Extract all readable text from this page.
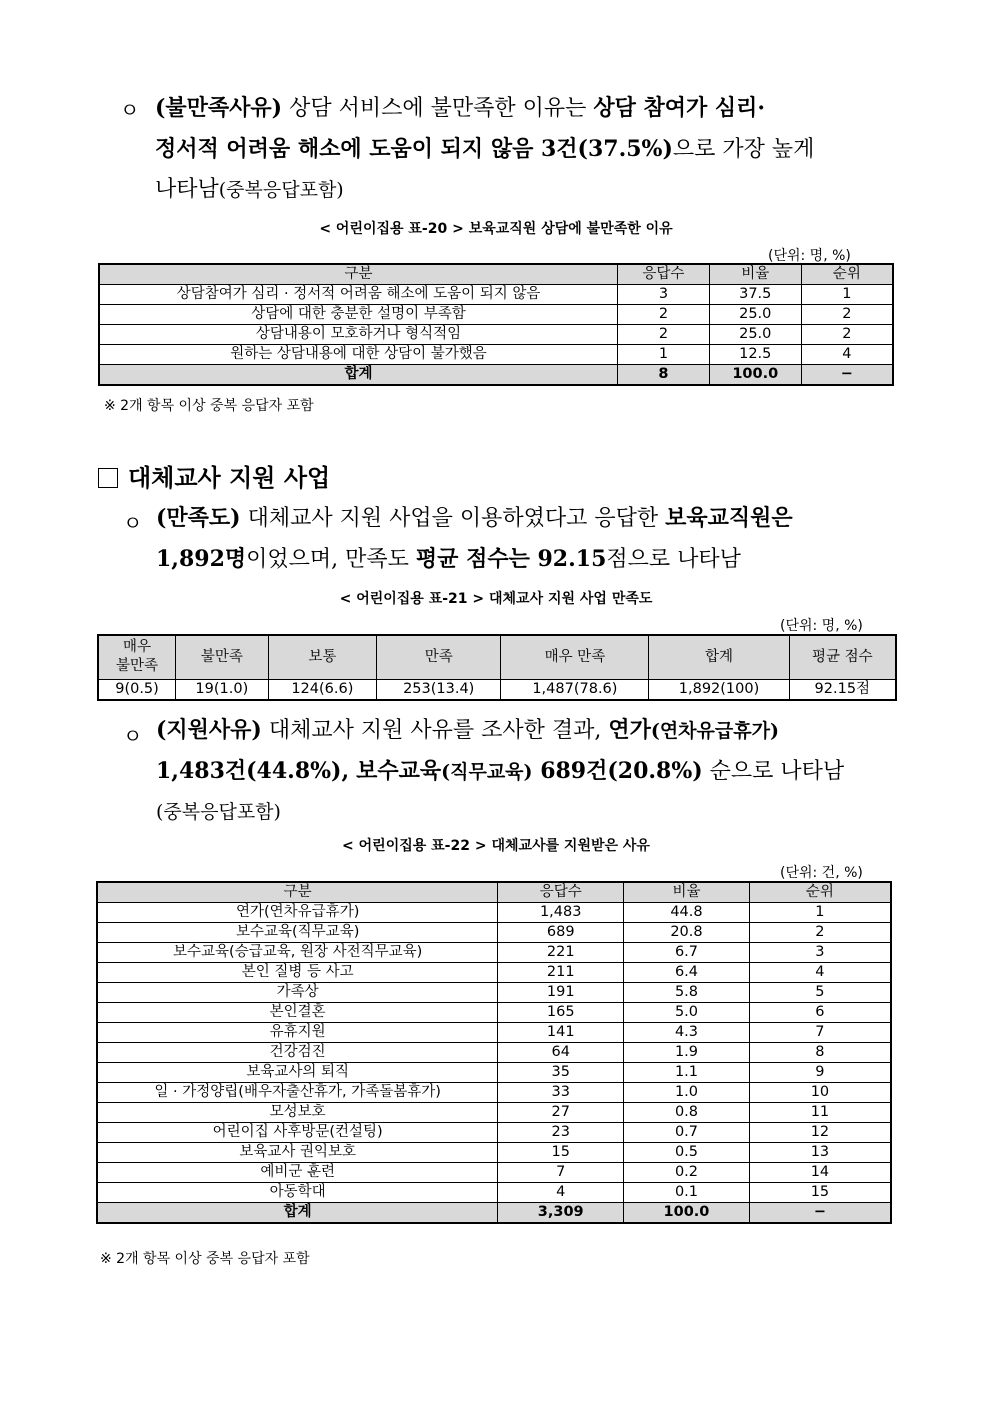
ㅇ (불만족사유) 상담 서비스에 불만족한 이유는 상담 참여가 심리·
정서적 어려움 해소에 도움이 되지 않음 3건(37.5%)으로 가장 높게
나타남(중복응답포함)
< 어린이집용 표-20 > 보육교직원 상담에 불만족한 이유
(단위: 명, %)
구분	응답수	비율	순위
상담참여가 심리 · 정서적 어려움 해소에 도움이 되지 않음	3	37.5	1
상담에 대한 충분한 설명이 부족함	2	25.0	2
상담내용이 모호하거나 형식적임	2	25.0	2
원하는 상담내용에 대한 상담이 불가했음	1	12.5	4
합계	8	100.0	−
※ 2개 항목 이상 중복 응답자 포함
대체교사 지원 사업
ㅇ (만족도) 대체교사 지원 사업을 이용하였다고 응답한 보육교직원은
1,892명이었으며, 만족도 평균 점수는 92.15점으로 나타남
< 어린이집용 표-21 > 대체교사 지원 사업 만족도
(단위: 명, %)
매우
불만족	불만족	보통	만족	매우 만족	합계	평균 점수
9(0.5)	19(1.0)	124(6.6)	253(13.4)	1,487(78.6)	1,892(100)	92.15점
ㅇ (지원사유) 대체교사 지원 사유를 조사한 결과, 연가(연차유급휴가)
1,483건(44.8%), 보수교육(직무교육) 689건(20.8%) 순으로 나타남
(중복응답포함)
< 어린이집용 표-22 > 대체교사를 지원받은 사유
(단위: 건, %)
구분	응답수	비율	순위
연가(연차유급휴가)	1,483	44.8	1
보수교육(직무교육)	689	20.8	2
보수교육(승급교육, 원장 사전직무교육)	221	6.7	3
본인 질병 등 사고	211	6.4	4
가족상	191	5.8	5
본인결혼	165	5.0	6
유휴지원	141	4.3	7
건강검진	64	1.9	8
보육교사의 퇴직	35	1.1	9
일 · 가정양립(배우자출산휴가, 가족돌봄휴가)	33	1.0	10
모성보호	27	0.8	11
어린이집 사후방문(컨설팅)	23	0.7	12
보육교사 권익보호	15	0.5	13
예비군 훈련	7	0.2	14
아동학대	4	0.1	15
합계	3,309	100.0	−
※ 2개 항목 이상 중복 응답자 포함
